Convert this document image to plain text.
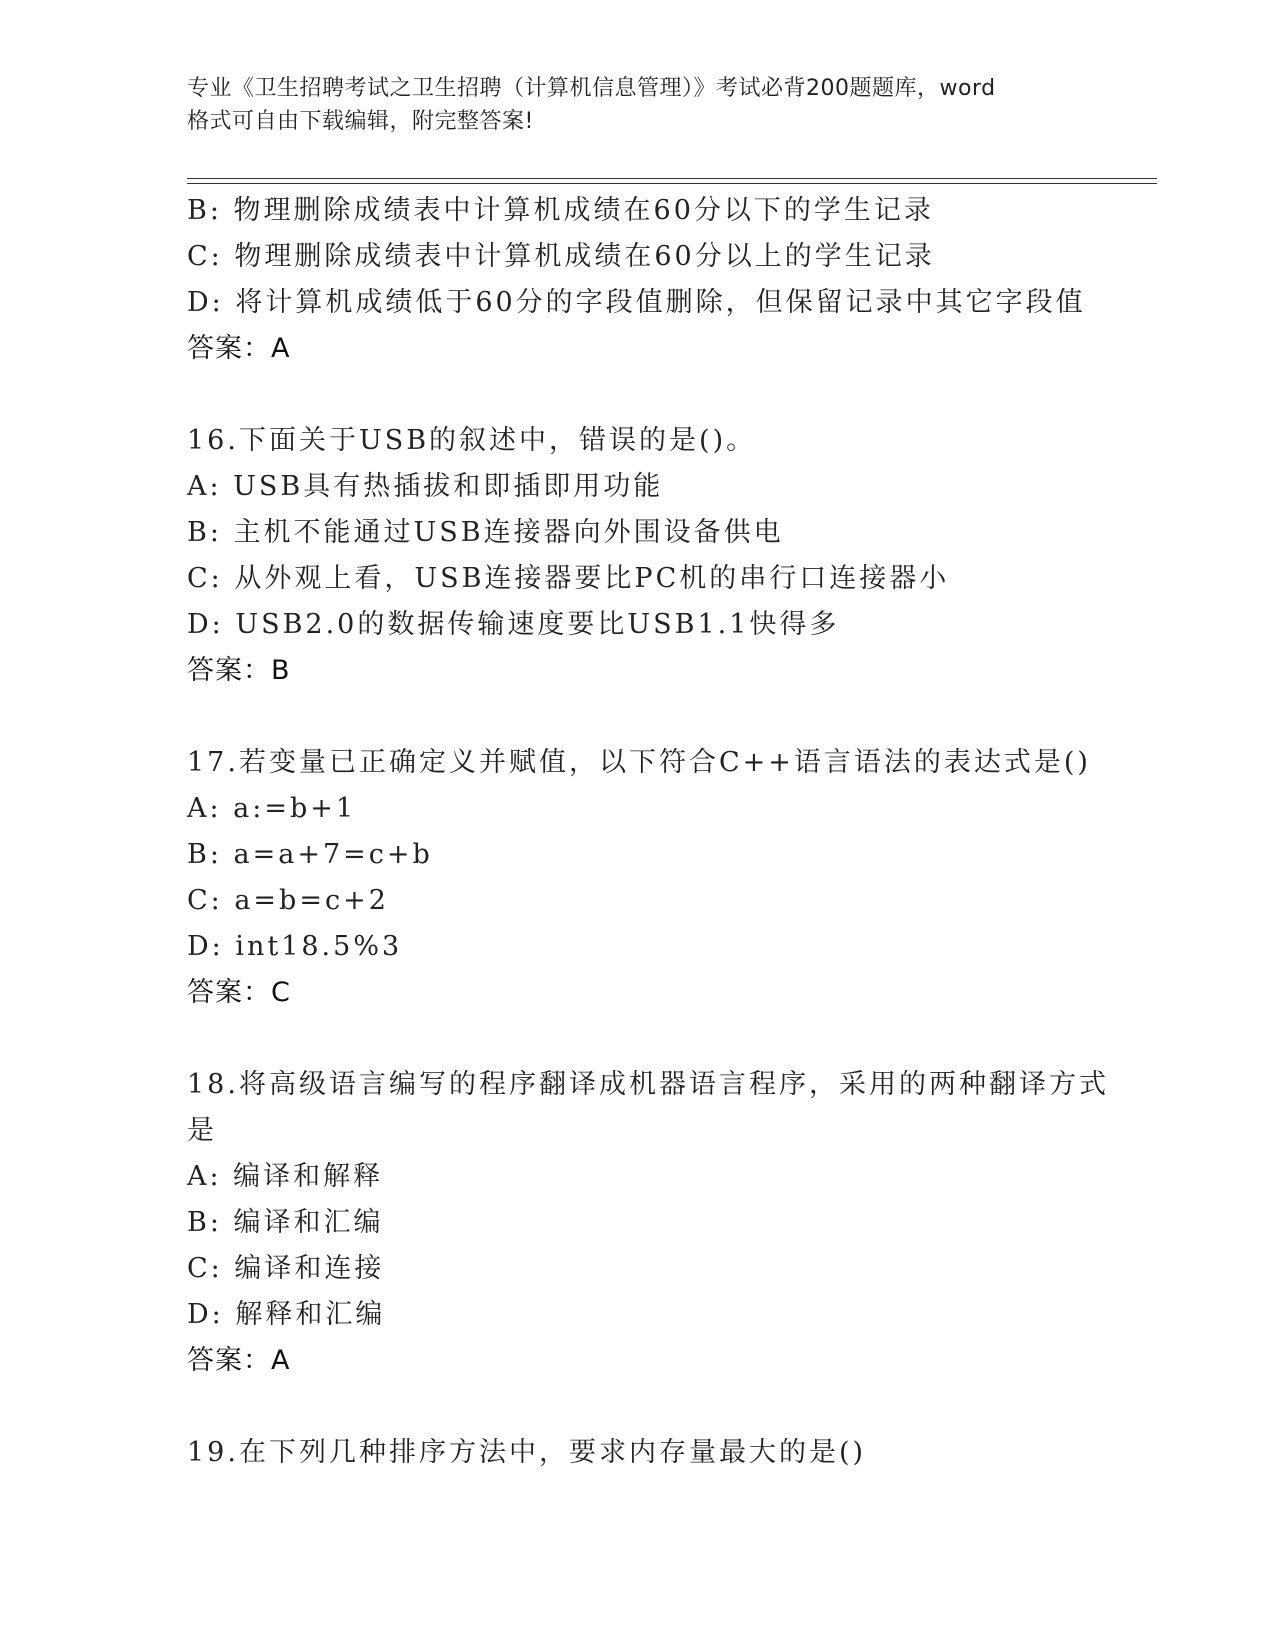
专业《卫生招聘考试之卫生招聘（计算机信息管理）》考试必背200题题库，word
格式可自由下载编辑，附完整答案!
B: 物理删除成绩表中计算机成绩在60分以下的学生记录
C: 物理删除成绩表中计算机成绩在60分以上的学生记录
D: 将计算机成绩低于60分的字段值删除，但保留记录中其它字段值
答案：A
16.下面关于USB的叙述中，错误的是()。
A: USB具有热插拔和即插即用功能
B: 主机不能通过USB连接器向外围设备供电
C: 从外观上看，USB连接器要比PC机的串行口连接器小
D: USB2.0的数据传输速度要比USB1.1快得多
答案：B
17.若变量已正确定义并赋值，以下符合C++语言语法的表达式是()
A: a:=b+1
B: a=a+7=c+b
C: a=b=c+2
D: int18.5%3
答案：C
18.将高级语言编写的程序翻译成机器语言程序，采用的两种翻译方式
是
A: 编译和解释
B: 编译和汇编
C: 编译和连接
D: 解释和汇编
答案：A
19.在下列几种排序方法中，要求内存量最大的是()
